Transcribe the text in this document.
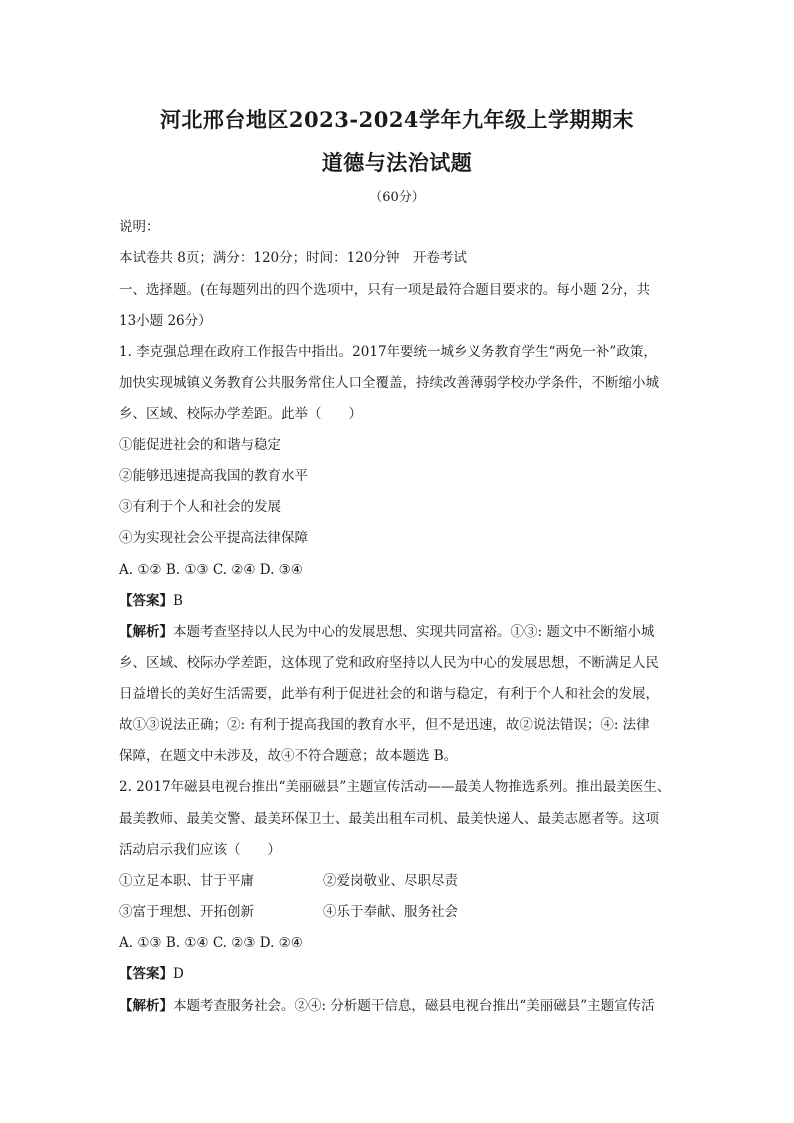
河北邢台地区2023-2024学年九年级上学期期末
道德与法治试题
（60分）
说明：
本试卷共 8页；满分：120分；时间：120分钟　开卷考试
一、选择题。(在每题列出的四个选项中，只有一项是最符合题目要求的。每小题 2分，共
13小题 26分）
1. 李克强总理在政府工作报告中指出。2017年要统一城乡义务教育学生“两免一补”政策，
加快实现城镇义务教育公共服务常住人口全覆盖，持续改善薄弱学校办学条件，不断缩小城
乡、区域、校际办学差距。此举（　　）
①能促进社会的和谐与稳定
②能够迅速提高我国的教育水平
③有利于个人和社会的发展
④为实现社会公平提高法律保障
A. ①② B. ①③ C. ②④ D. ③④
【答案】B
【解析】本题考查坚持以人民为中心的发展思想、实现共同富裕。①③: 题文中不断缩小城
乡、区域、校际办学差距，这体现了党和政府坚持以人民为中心的发展思想，不断满足人民
日益增长的美好生活需要，此举有利于促进社会的和谐与稳定，有利于个人和社会的发展，
故①③说法正确；②: 有利于提高我国的教育水平，但不是迅速，故②说法错误；④: 法律
保障，在题文中未涉及，故④不符合题意；故本题选 B。
2. 2017年磁县电视台推出“美丽磁县”主题宣传活动——最美人物推选系列。推出最美医生、
最美教师、最美交警、最美环保卫士、最美出租车司机、最美快递人、最美志愿者等。这项
活动启示我们应该（　　）
①立足本职、甘于平庸	②爱岗敬业、尽职尽责
③富于理想、开拓创新	④乐于奉献、服务社会
A. ①③ B. ①④ C. ②③ D. ②④
【答案】D
【解析】本题考查服务社会。②④: 分析题干信息，磁县电视台推出“美丽磁县”主题宣传活
